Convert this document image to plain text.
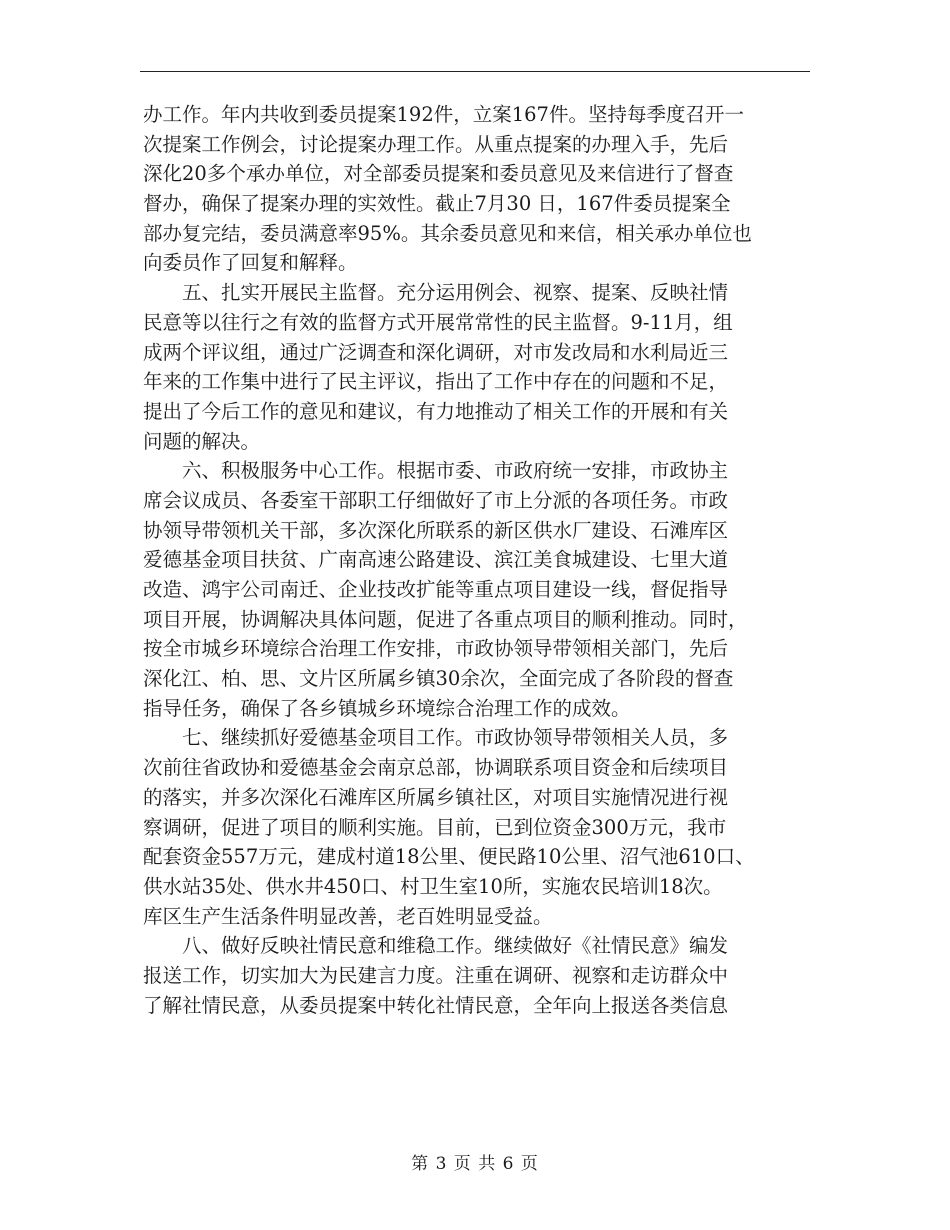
办工作。年内共收到委员提案192件，立案167件。坚持每季度召开一
次提案工作例会，讨论提案办理工作。从重点提案的办理入手，先后
深化20多个承办单位，对全部委员提案和委员意见及来信进行了督查
督办，确保了提案办理的实效性。截止7月30 日，167件委员提案全
部办复完结，委员满意率95%。其余委员意见和来信，相关承办单位也
向委员作了回复和解释。
五、扎实开展民主监督。充分运用例会、视察、提案、反映社情
民意等以往行之有效的监督方式开展常常性的民主监督。9-11月，组
成两个评议组，通过广泛调查和深化调研，对市发改局和水利局近三
年来的工作集中进行了民主评议，指出了工作中存在的问题和不足，
提出了今后工作的意见和建议，有力地推动了相关工作的开展和有关
问题的解决。
六、积极服务中心工作。根据市委、市政府统一安排，市政协主
席会议成员、各委室干部职工仔细做好了市上分派的各项任务。市政
协领导带领机关干部，多次深化所联系的新区供水厂建设、石滩库区
爱德基金项目扶贫、广南高速公路建设、滨江美食城建设、七里大道
改造、鸿宇公司南迁、企业技改扩能等重点项目建设一线，督促指导
项目开展，协调解决具体问题，促进了各重点项目的顺利推动。同时，
按全市城乡环境综合治理工作安排，市政协领导带领相关部门，先后
深化江、柏、思、文片区所属乡镇30余次，全面完成了各阶段的督查
指导任务，确保了各乡镇城乡环境综合治理工作的成效。
七、继续抓好爱德基金项目工作。市政协领导带领相关人员，多
次前往省政协和爱德基金会南京总部，协调联系项目资金和后续项目
的落实，并多次深化石滩库区所属乡镇社区，对项目实施情况进行视
察调研，促进了项目的顺利实施。目前，已到位资金300万元，我市
配套资金557万元，建成村道18公里、便民路10公里、沼气池610口、
供水站35处、供水井450口、村卫生室10所，实施农民培训18次。
库区生产生活条件明显改善，老百姓明显受益。
八、做好反映社情民意和维稳工作。继续做好《社情民意》编发
报送工作，切实加大为民建言力度。注重在调研、视察和走访群众中
了解社情民意，从委员提案中转化社情民意，全年向上报送各类信息
第 3 页 共 6 页
